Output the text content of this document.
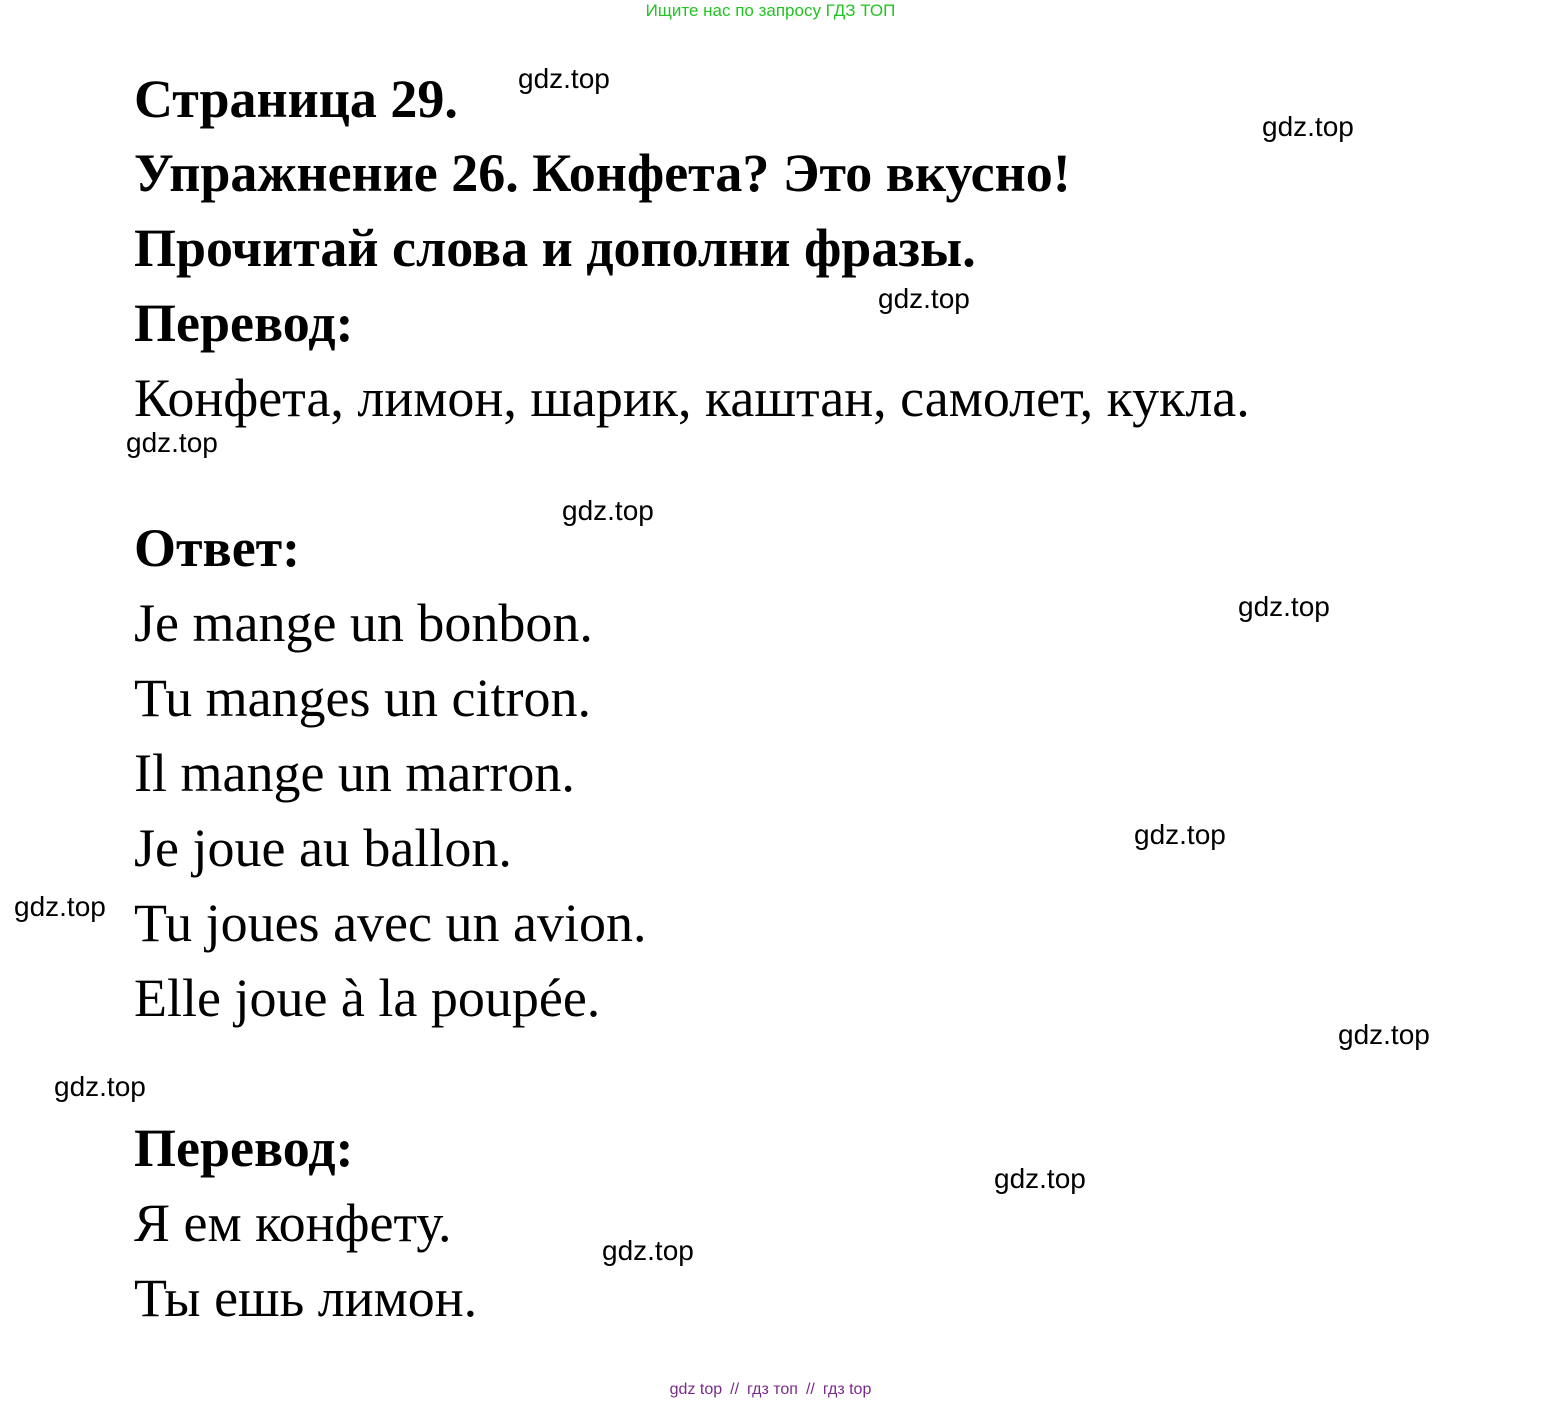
Ищите нас по запросу ГДЗ ТОП
Страница 29.
Упражнение 26. Конфета? Это вкусно!
Прочитай слова и дополни фразы.
Перевод:
Конфета, лимон, шарик, каштан, самолет, кукла.
Ответ:
Je mange un bonbon.
Tu manges un citron.
Il mange un marron.
Je joue au ballon.
Tu joues avec un avion.
Elle joue à la poupée.
Перевод:
Я ем конфету.
Ты ешь лимон.
gdz.top
gdz.top
gdz.top
gdz.top
gdz.top
gdz.top
gdz.top
gdz.top
gdz.top
gdz.top
gdz.top
gdz.top
gdz top // гдз топ // гдз top
